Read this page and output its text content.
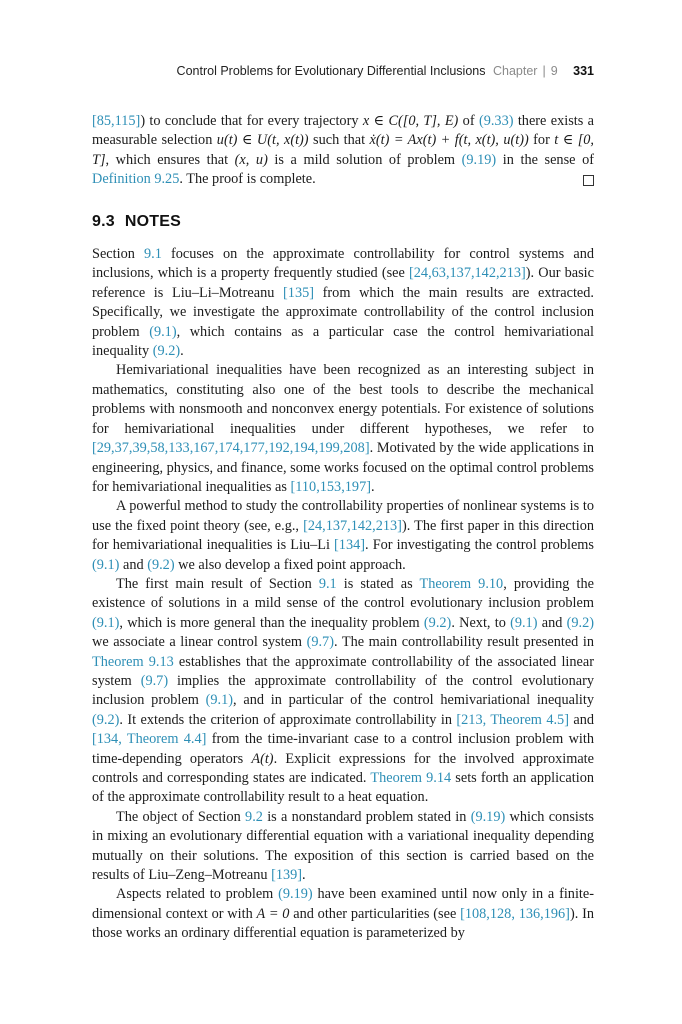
Control Problems for Evolutionary Differential Inclusions Chapter | 9 331

[85,115]) to conclude that for every trajectory x ∈ C([0, T], E) of (9.33) there exists a measurable selection u(t) ∈ U(t, x(t)) such that ẋ(t) = Ax(t) + f(t, x(t), u(t)) for t ∈ [0, T], which ensures that (x, u) is a mild solution of problem (9.19) in the sense of Definition 9.25. The proof is complete.

9.3 NOTES

Section 9.1 focuses on the approximate controllability for control systems and inclusions, which is a property frequently studied (see [24,63,137,142,213]). Our basic reference is Liu–Li–Motreanu [135] from which the main results are extracted. Specifically, we investigate the approximate controllability of the control inclusion problem (9.1), which contains as a particular case the control hemivariational inequality (9.2).

Hemivariational inequalities have been recognized as an interesting subject in mathematics, constituting also one of the best tools to describe the mechanical problems with nonsmooth and nonconvex energy potentials. For existence of solutions for hemivariational inequalities under different hypotheses, we refer to [29,37,39,58,133,167,174,177,192,194,199,208]. Motivated by the wide applications in engineering, physics, and finance, some works focused on the optimal control problems for hemivariational inequalities as [110,153,197].

A powerful method to study the controllability properties of nonlinear systems is to use the fixed point theory (see, e.g., [24,137,142,213]). The first paper in this direction for hemivariational inequalities is Liu–Li [134]. For investigating the control problems (9.1) and (9.2) we also develop a fixed point approach.

The first main result of Section 9.1 is stated as Theorem 9.10, providing the existence of solutions in a mild sense of the control evolutionary inclusion problem (9.1), which is more general than the inequality problem (9.2). Next, to (9.1) and (9.2) we associate a linear control system (9.7). The main controllability result presented in Theorem 9.13 establishes that the approximate controllability of the associated linear system (9.7) implies the approximate controllability of the control evolutionary inclusion problem (9.1), and in particular of the control hemivariational inequality (9.2). It extends the criterion of approximate controllability in [213, Theorem 4.5] and [134, Theorem 4.4] from the time-invariant case to a control inclusion problem with time-depending operators A(t). Explicit expressions for the involved approximate controls and corresponding states are indicated. Theorem 9.14 sets forth an application of the approximate controllability result to a heat equation.

The object of Section 9.2 is a nonstandard problem stated in (9.19) which consists in mixing an evolutionary differential equation with a variational inequality depending mutually on their solutions. The exposition of this section is carried based on the results of Liu–Zeng–Motreanu [139].

Aspects related to problem (9.19) have been examined until now only in a finite-dimensional context or with A = 0 and other particularities (see [108,128, 136,196]). In those works an ordinary differential equation is parameterized by
